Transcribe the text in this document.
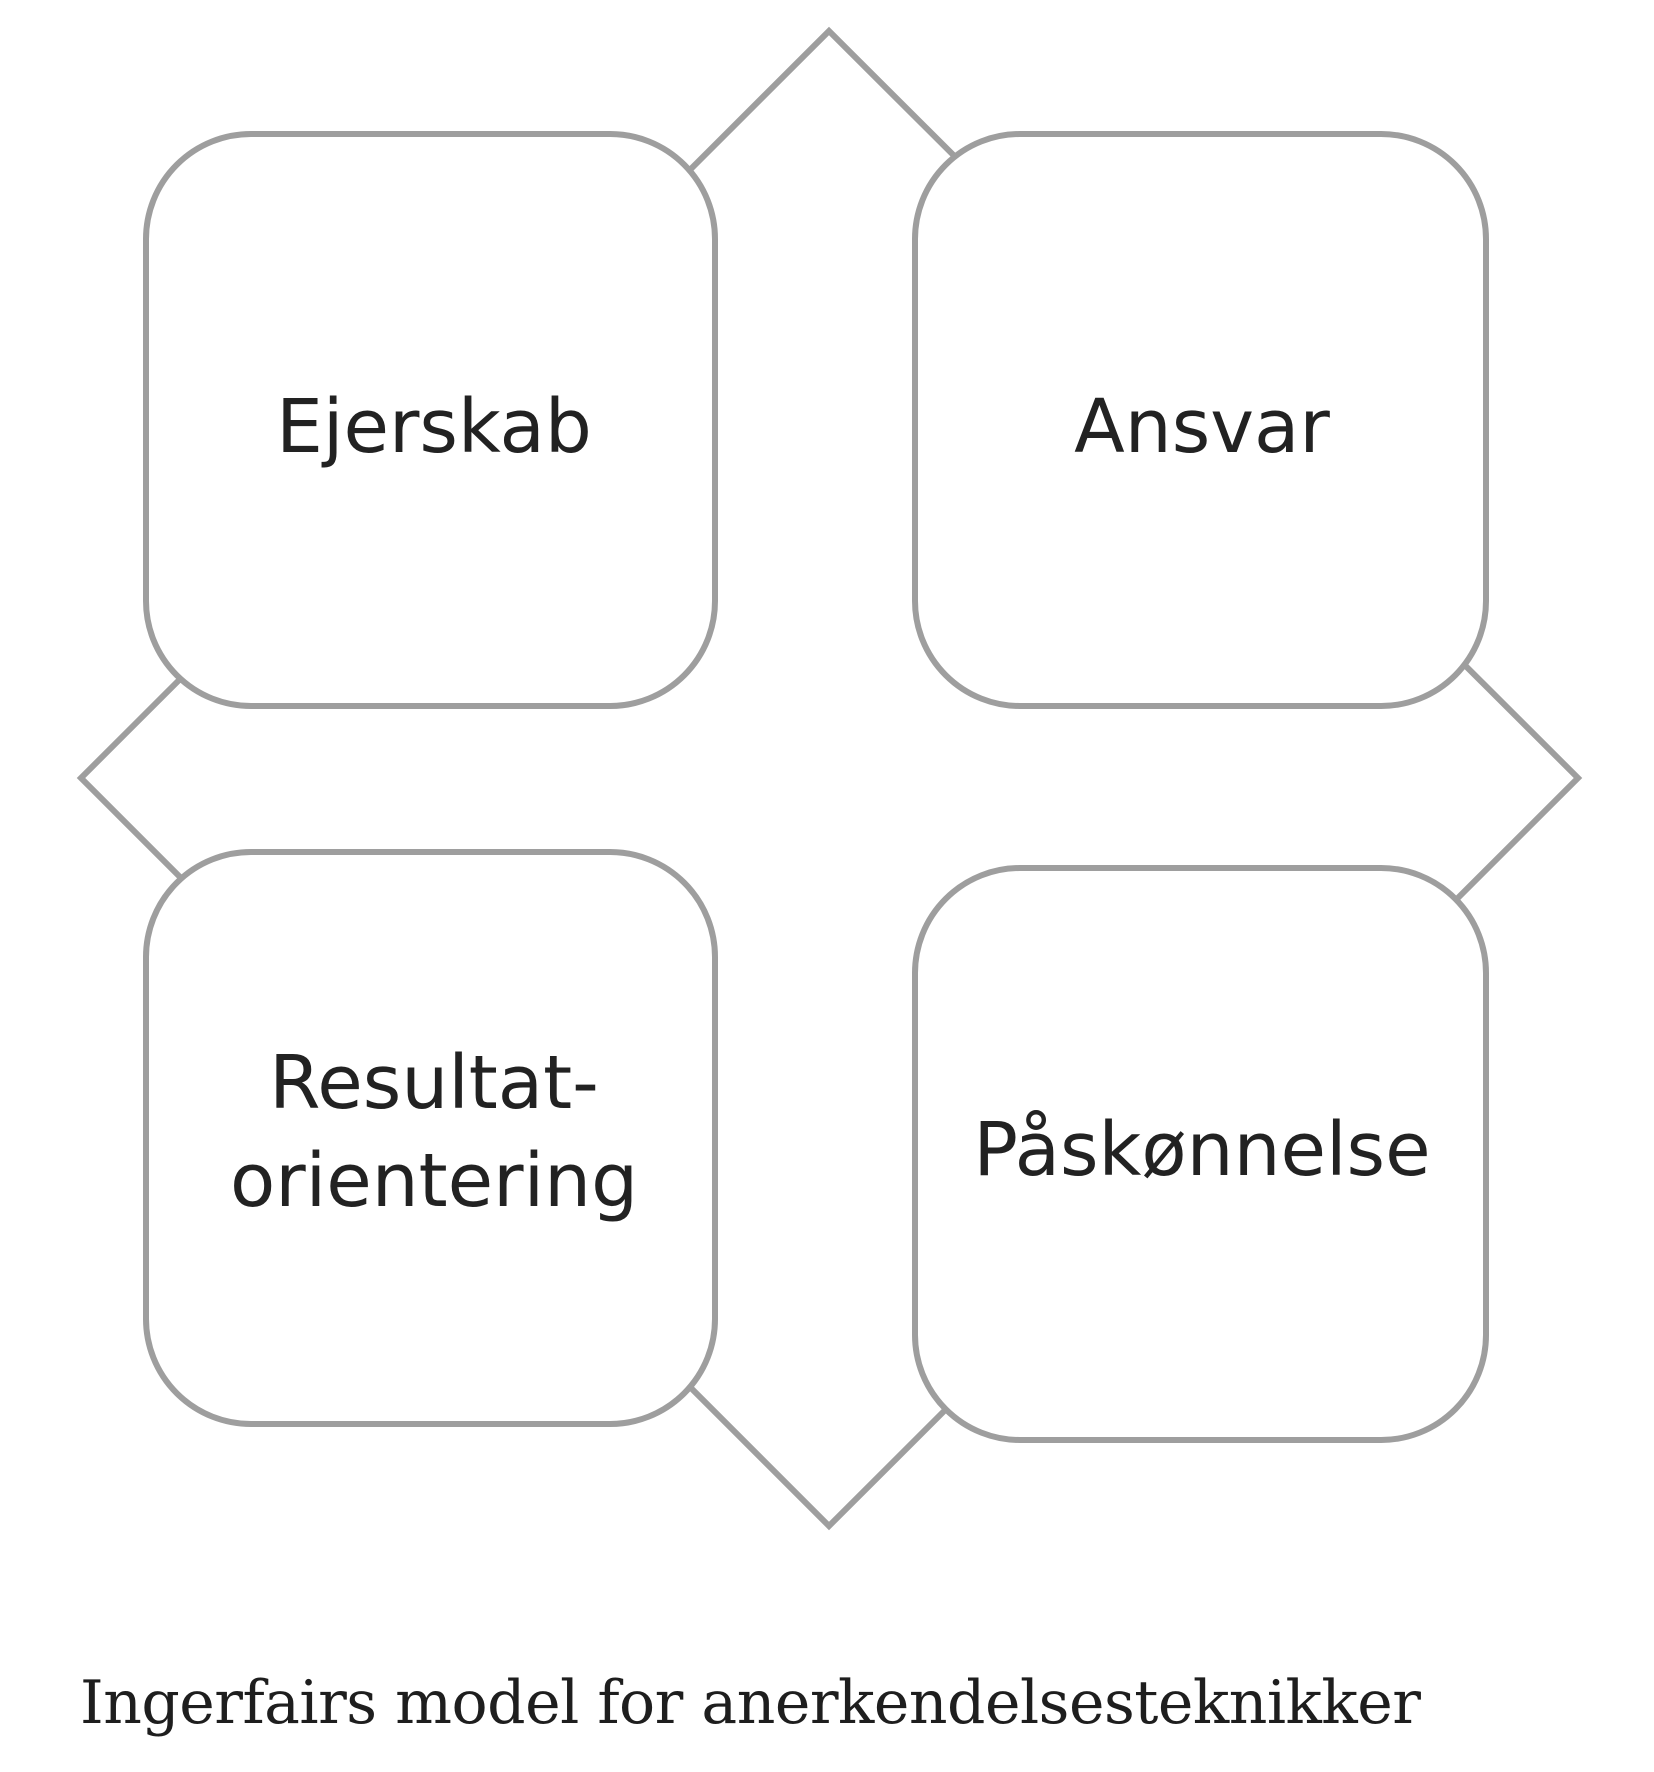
Ejerskab	Ansvar
Resultat-
orientering	Påskønnelse
Ingerfairs model for anerkendelsesteknikker
